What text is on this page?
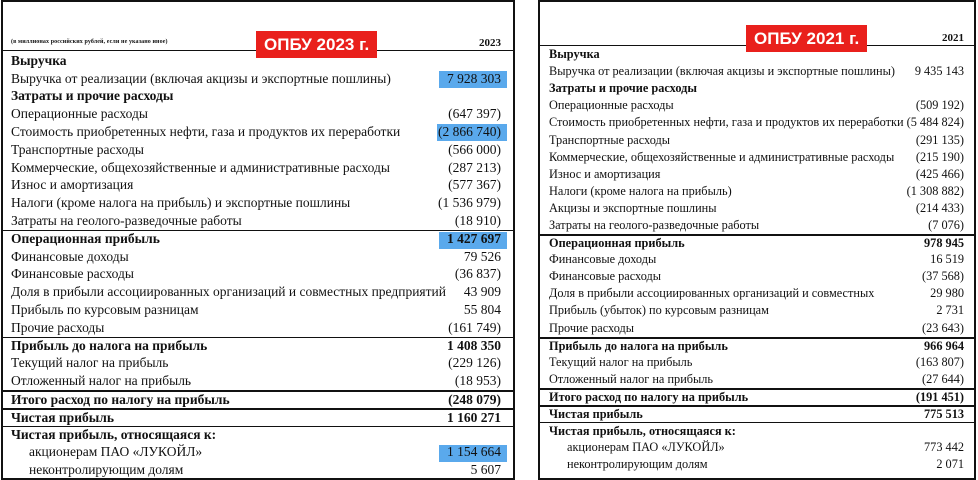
(в миллионах российских рублей, если не указано иное)	2023
Выручка
Выручка от реализации (включая акцизы и экспортные пошлины)	7 928 303
Затраты и прочие расходы
Операционные расходы	(647 397)
Стоимость приобретенных нефти, газа и продуктов их переработки	(2 866 740)
Транспортные расходы	(566 000)
Коммерческие, общехозяйственные и административные расходы	(287 213)
Износ и амортизация	(577 367)
Налоги (кроме налога на прибыль) и экспортные пошлины	(1 536 979)
Затраты на геолого-разведочные работы	(18 910)
Операционная прибыль	1 427 697
Финансовые доходы	79 526
Финансовые расходы	(36 837)
Доля в прибыли ассоциированных организаций и совместных предприятий 43 909
Прибыль по курсовым разницам	55 804
Прочие расходы	(161 749)
Прибыль до налога на прибыль	1 408 350
Текущий налог на прибыль	(229 126)
Отложенный налог на прибыль	(18 953)
Итого расход по налогу на прибыль	(248 079)
Чистая прибыль	1 160 271
Чистая прибыль, относящаяся к:
акционерам ПАО «ЛУКОЙЛ»	1 154 664
неконтролирующим долям	5 607
ОПБУ 2023 г.	2021
Выручка
Выручка от реализации (включая акцизы и экспортные пошлины) 9 435 143
Затраты и прочие расходы
Операционные расходы	(509 192)
Стоимость приобретенных нефти, газа и продуктов их переработки (5 484 824)
Транспортные расходы	(291 135)
Коммерческие, общехозяйственные и административные расходы (215 190)
Износ и амортизация	(425 466)
Налоги (кроме налога на прибыль)	(1 308 882)
Акцизы и экспортные пошлины	(214 433)
Затраты на геолого-разведочные работы	(7 076)
Операционная прибыль	978 945
Финансовые доходы	16 519
Финансовые расходы	(37 568)
Доля в прибыли ассоциированных организаций и совместных	29 980
Прибыль (убыток) по курсовым разницам	2 731
Прочие расходы	(23 643)
Прибыль до налога на прибыль	966 964
Текущий налог на прибыль	(163 807)
Отложенный налог на прибыль	(27 644)
Итого расход по налогу на прибыль	(191 451)
Чистая прибыль	775 513
Чистая прибыль, относящаяся к:
акционерам ПАО «ЛУКОЙЛ»	773 442
неконтролирующим долям	2 071
ОПБУ 2021 г.
